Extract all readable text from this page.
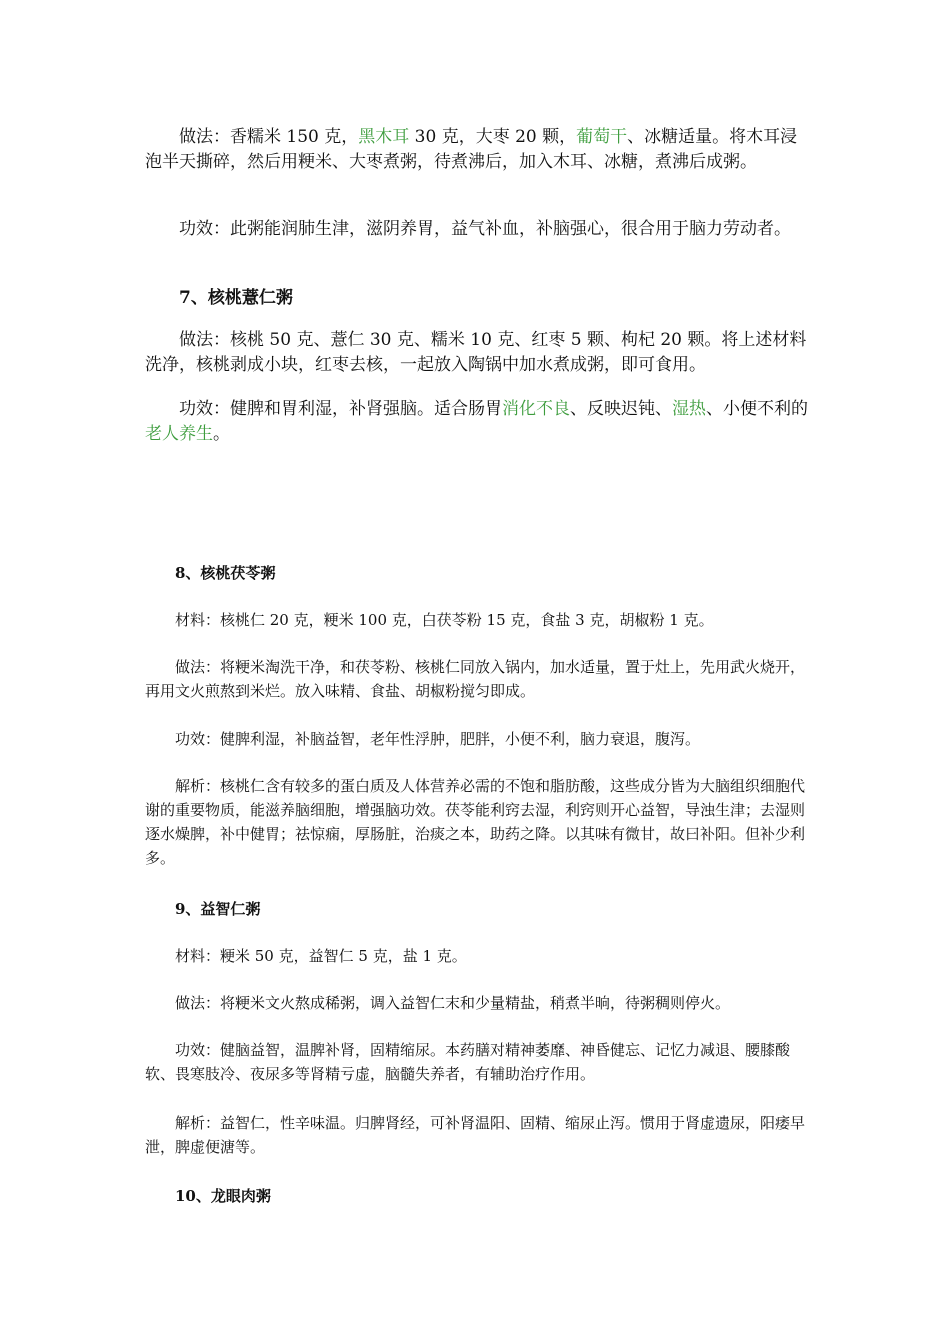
做法：香糯米 150 克，黑木耳 30 克，大枣 20 颗，葡萄干、冰糖适量。将木耳浸泡半天撕碎，然后用粳米、大枣煮粥，待煮沸后，加入木耳、冰糖，煮沸后成粥。

功效：此粥能润肺生津，滋阴养胃，益气补血，补脑强心，很合用于脑力劳动者。

7、核桃薏仁粥

做法：核桃 50 克、薏仁 30 克、糯米 10 克、红枣 5 颗、枸杞 20 颗。将上述材料洗净，核桃剥成小块，红枣去核，一起放入陶锅中加水煮成粥，即可食用。

功效：健脾和胃利湿，补肾强脑。适合肠胃消化不良、反映迟钝、湿热、小便不利的老人养生。

8、核桃茯苓粥

材料：核桃仁 20 克，粳米 100 克，白茯苓粉 15 克，食盐 3 克，胡椒粉 1 克。

做法：将粳米淘洗干净，和茯苓粉、核桃仁同放入锅内，加水适量，置于灶上，先用武火烧开，再用文火煎熬到米烂。放入味精、食盐、胡椒粉搅匀即成。

功效：健脾利湿，补脑益智，老年性浮肿，肥胖，小便不利，脑力衰退，腹泻。

解析：核桃仁含有较多的蛋白质及人体营养必需的不饱和脂肪酸，这些成分皆为大脑组织细胞代谢的重要物质，能滋养脑细胞，增强脑功效。茯苓能利窍去湿，利窍则开心益智，导浊生津；去湿则逐水燥脾，补中健胃；祛惊痫，厚肠脏，治痰之本，助药之降。以其味有微甘，故曰补阳。但补少利多。

9、益智仁粥

材料：粳米 50 克，益智仁 5 克，盐 1 克。

做法：将粳米文火熬成稀粥，调入益智仁末和少量精盐，稍煮半晌，待粥稠则停火。

功效：健脑益智，温脾补肾，固精缩尿。本药膳对精神萎靡、神昏健忘、记忆力减退、腰膝酸软、畏寒肢冷、夜尿多等肾精亏虚，脑髓失养者，有辅助治疗作用。

解析：益智仁，性辛味温。归脾肾经，可补肾温阳、固精、缩尿止泻。惯用于肾虚遗尿，阳痿早泄，脾虚便溏等。

10、龙眼肉粥
